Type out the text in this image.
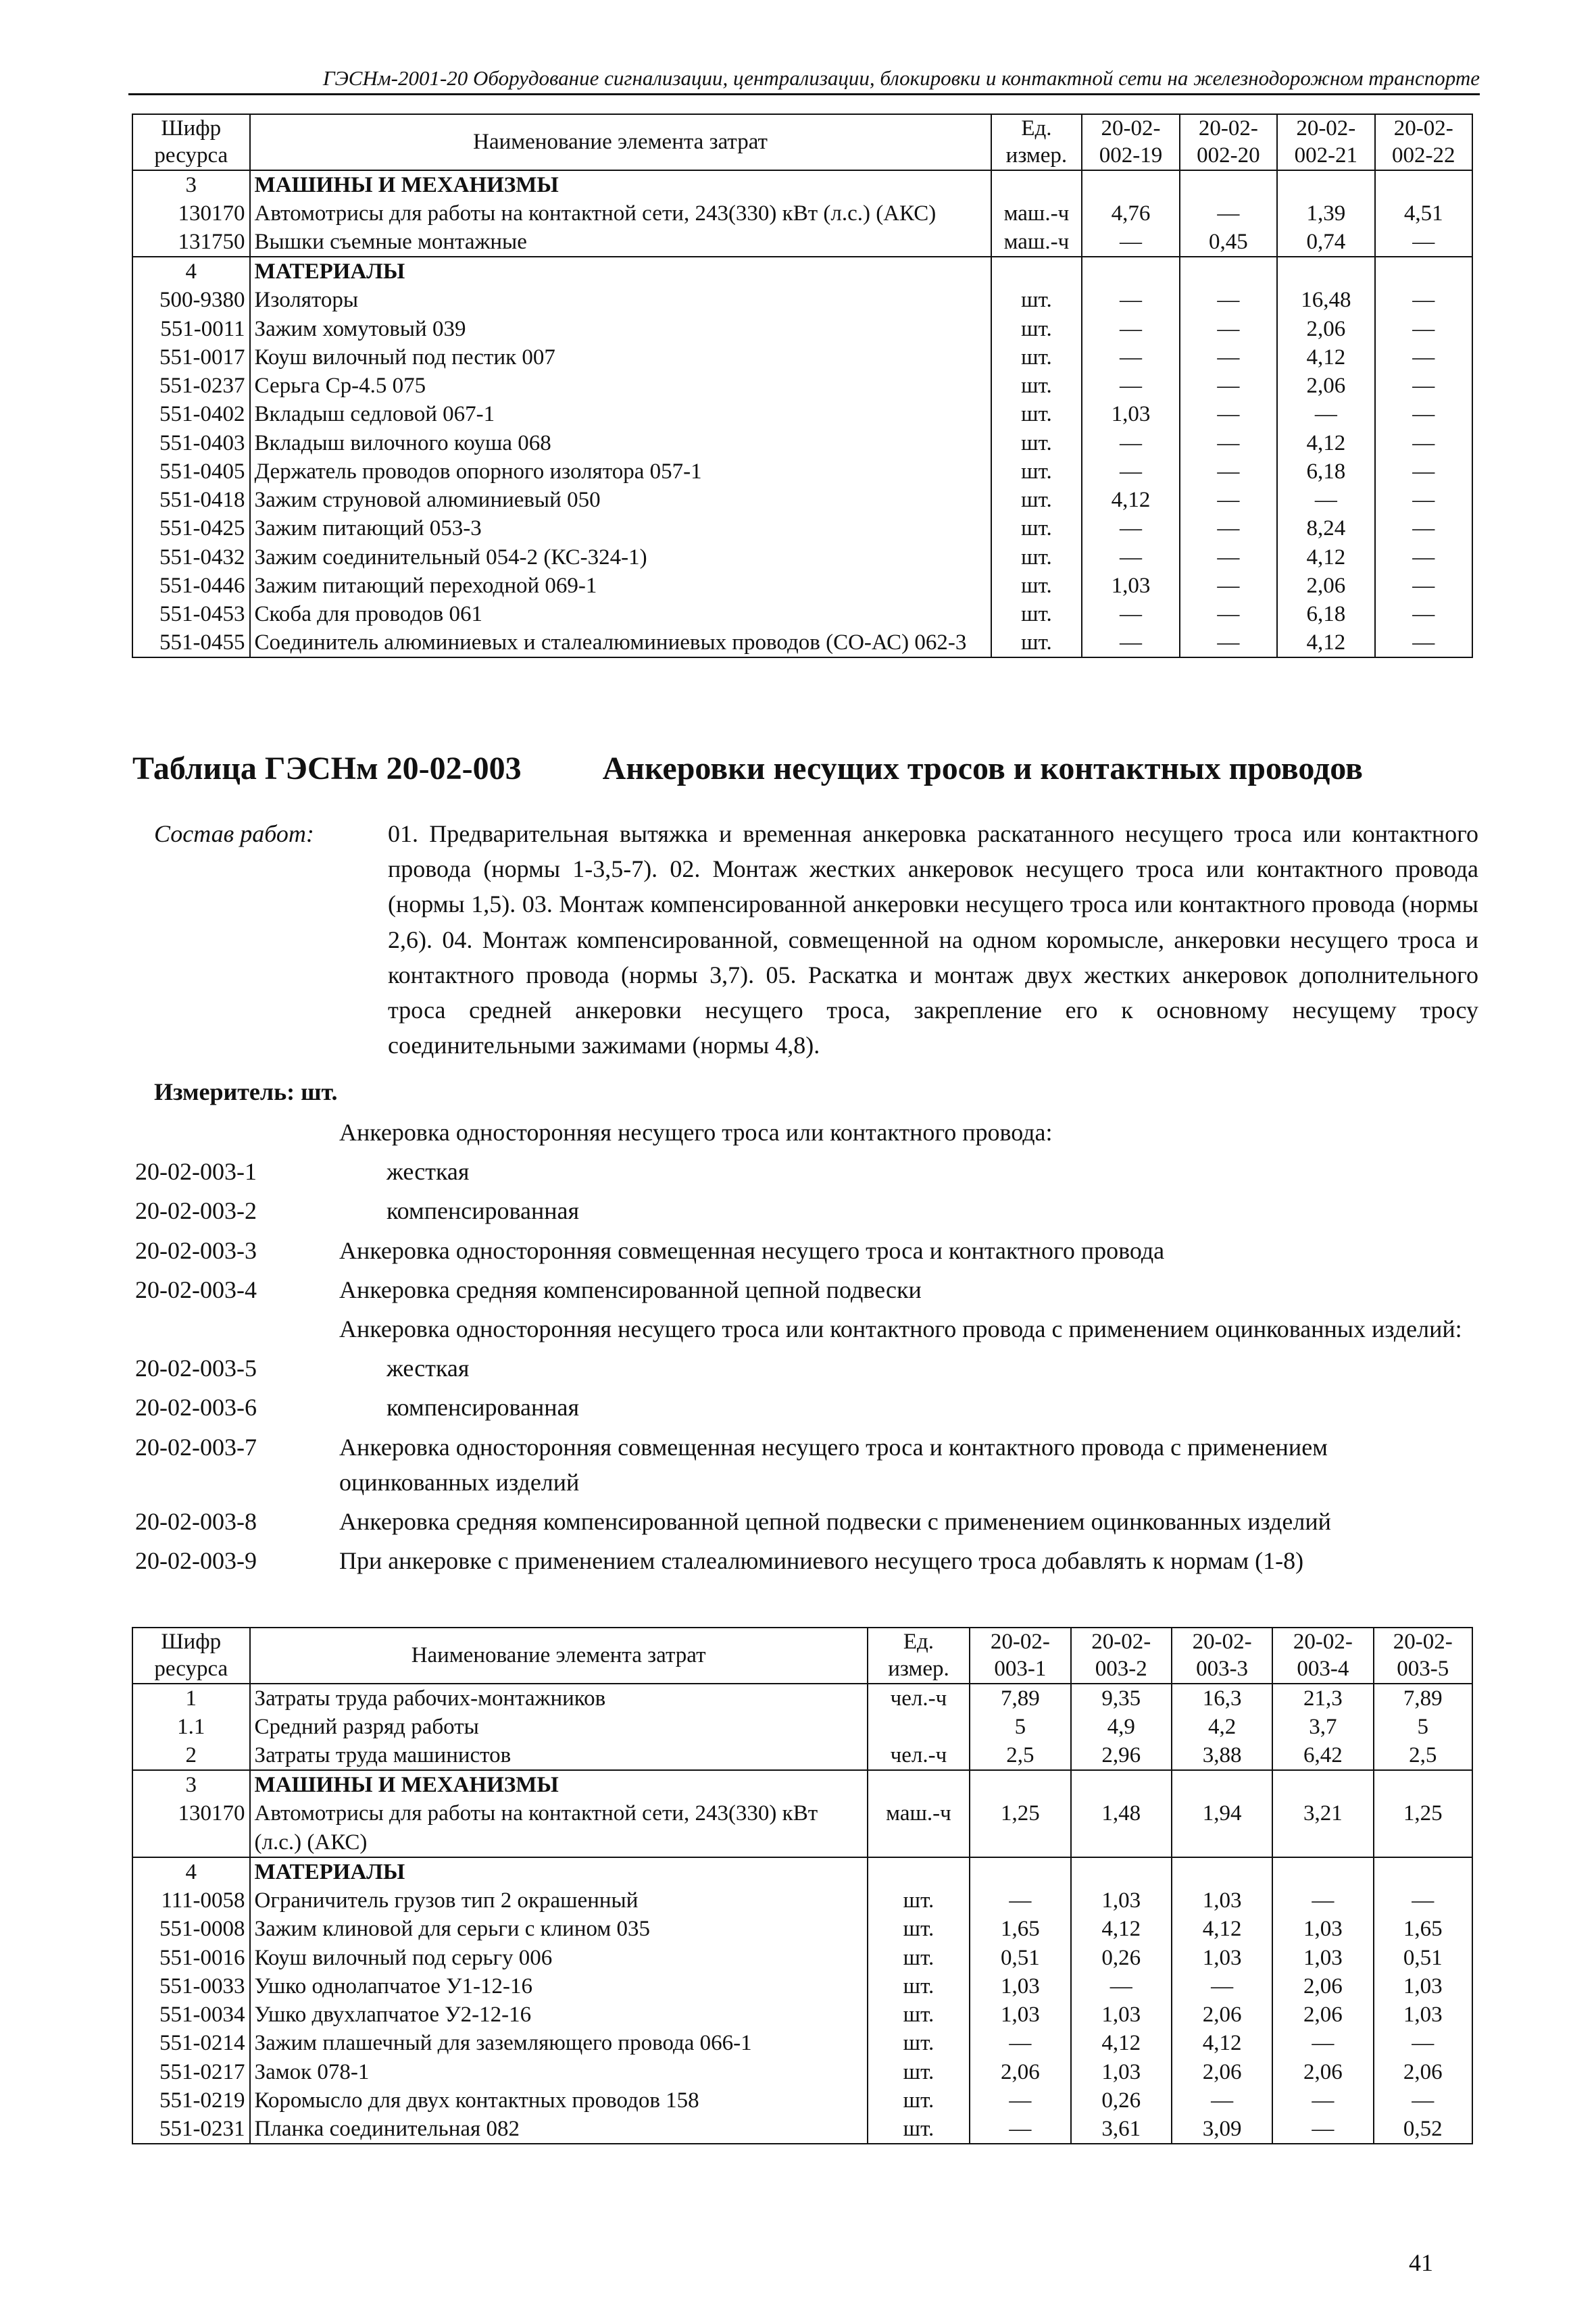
ГЭСНм-2001-20 Оборудование сигнализации, централизации, блокировки и контактной сети на железнодорожном транспорте
Шифр ресурса	Наименование элемента затрат	Ед. измер.	20-02-002-19	20-02-002-20	20-02-002-21	20-02-002-22
3	МАШИНЫ И МЕХАНИЗМЫ					
130170	Автомотрисы для работы на контактной сети, 243(330) кВт (л.с.) (АКС)	маш.-ч	4,76	—	1,39	4,51
131750	Вышки съемные монтажные	маш.-ч	—	0,45	0,74	—
4	МАТЕРИАЛЫ					
500-9380	Изоляторы	шт.	—	—	16,48	—
551-0011	Зажим хомутовый 039	шт.	—	—	2,06	—
551-0017	Коуш вилочный под пестик 007	шт.	—	—	4,12	—
551-0237	Серьга Ср-4.5 075	шт.	—	—	2,06	—
551-0402	Вкладыш седловой 067-1	шт.	1,03	—	—	—
551-0403	Вкладыш вилочного коуша 068	шт.	—	—	4,12	—
551-0405	Держатель проводов опорного изолятора 057-1	шт.	—	—	6,18	—
551-0418	Зажим струновой алюминиевый 050	шт.	4,12	—	—	—
551-0425	Зажим питающий 053-3	шт.	—	—	8,24	—
551-0432	Зажим соединительный 054-2 (КС-324-1)	шт.	—	—	4,12	—
551-0446	Зажим питающий переходной 069-1	шт.	1,03	—	2,06	—
551-0453	Скоба для проводов 061	шт.	—	—	6,18	—
551-0455	Соединитель алюминиевых и сталеалюминиевых проводов (СО-АС) 062-3	шт.	—	—	4,12	—
Таблица ГЭСНм 20-02-003	Анкеровки несущих тросов и контактных проводов
Состав работ:	01. Предварительная вытяжка и временная анкеровка раскатанного несущего троса или контактного провода (нормы 1-3,5-7). 02. Монтаж жестких анкеровок несущего троса или контактного провода (нормы 1,5). 03. Монтаж компенсированной анкеровки несущего троса или контактного провода (нормы 2,6). 04. Монтаж компенсированной, совмещенной на одном коромысле, анкеровки несущего троса и контактного провода (нормы 3,7). 05. Раскатка и монтаж двух жестких анкеровок дополнительного троса средней анкеровки несущего троса, закрепление его к основному несущему тросу соединительными зажимами (нормы 4,8).
Измеритель: шт.
Анкеровка односторонняя несущего троса или контактного провода:
20-02-003-1	жесткая
20-02-003-2	компенсированная
20-02-003-3	Анкеровка односторонняя совмещенная несущего троса и контактного провода
20-02-003-4	Анкеровка средняя компенсированной цепной подвески
Анкеровка односторонняя несущего троса или контактного провода с применением оцинкованных изделий:
20-02-003-5	жесткая
20-02-003-6	компенсированная
20-02-003-7	Анкеровка односторонняя совмещенная несущего троса и контактного провода с применением оцинкованных изделий
20-02-003-8	Анкеровка средняя компенсированной цепной подвески с применением оцинкованных изделий
20-02-003-9	При анкеровке с применением сталеалюминиевого несущего троса добавлять к нормам (1-8)
Шифр ресурса	Наименование элемента затрат	Ед. измер.	20-02-003-1	20-02-003-2	20-02-003-3	20-02-003-4	20-02-003-5
1	Затраты труда рабочих-монтажников	чел.-ч	7,89	9,35	16,3	21,3	7,89
1.1	Средний разряд работы		5	4,9	4,2	3,7	5
2	Затраты труда машинистов	чел.-ч	2,5	2,96	3,88	6,42	2,5
3	МАШИНЫ И МЕХАНИЗМЫ						
130170	Автомотрисы для работы на контактной сети, 243(330) кВт (л.с.) (АКС)	маш.-ч	1,25	1,48	1,94	3,21	1,25
4	МАТЕРИАЛЫ						
111-0058	Ограничитель грузов тип 2 окрашенный	шт.	—	1,03	1,03	—	—
551-0008	Зажим клиновой для серьги с клином 035	шт.	1,65	4,12	4,12	1,03	1,65
551-0016	Коуш вилочный под серьгу 006	шт.	0,51	0,26	1,03	1,03	0,51
551-0033	Ушко однолапчатое У1-12-16	шт.	1,03	—	—	2,06	1,03
551-0034	Ушко двухлапчатое У2-12-16	шт.	1,03	1,03	2,06	2,06	1,03
551-0214	Зажим плашечный для заземляющего провода 066-1	шт.	—	4,12	4,12	—	—
551-0217	Замок 078-1	шт.	2,06	1,03	2,06	2,06	2,06
551-0219	Коромысло для двух контактных проводов 158	шт.	—	0,26	—	—	—
551-0231	Планка соединительная 082	шт.	—	3,61	3,09	—	0,52
41
